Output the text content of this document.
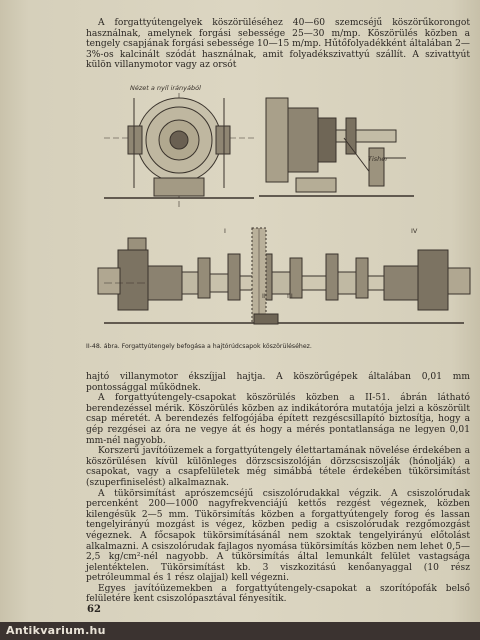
A forgattyútengelyek köszörüléséhez 40—60 szemcséjű köszörűkorongot használnak, amelynek forgási sebessége 25—30 m/mp. Köszörülés közben a tengely csapjának forgási sebessége 10—15 m/mp. Hűtőfolyadékként általában 2—3%-os kalcinált szódát használnak, amit folyadékszivattyú szállít. A szivattyút külön villanymotor vagy az orsót

Nézet a nyíl irányából
Tisher
I	IV
II	III
II-48. ábra. Forgattyútengely befogása a hajtórúdcsapok köszörüléséhez.

hajtó villanymotor ékszíjjal hajtja. A köszörűgépek általában 0,01 mm pontossággal működnek.

A forgattyútengely-csapokat köszörülés közben a II-51. ábrán látható berendezéssel mérik. Köszörülés közben az indikátoróra mutatója jelzi a köszörült csap méretét. A berendezés felfogójába épített rezgéscsillapító biztosítja, hogy a gép rezgései az óra ne vegye át és hogy a mérés pontatlansága ne legyen 0,01 mm-nél nagyobb.

Korszerű javítóüzemek a forgattyútengely élettartamának növelése érdekében a köszörülésen kívül különleges dörzscsiszolóján dörzscsiszolják (hónolják) a csapokat, vagy a csapfelületek még simábbá tétele érdekében tükörsimítást (szuperfiniselést) alkalmaznak.

A tükörsimítást aprószemcséjű csiszolórudakkal végzik. A csiszolórudak percenként 200—1000 nagyfrekvenciájú kettős rezgést végeznek, közben kilengésük 2—5 mm. Tükörsimítás közben a forgattyútengely forog és lassan tengelyirányú mozgást is végez, közben pedig a csiszolórudak rezgőmozgást végeznek. A főcsapok tükörsimításánál nem szoktak tengelyirányú előtolást alkalmazni. A csiszolórudak fajlagos nyomása tükörsimítás közben nem lehet 0,5—2,5 kg/cm²-nél nagyobb. A tükörsimítás által lemunkált felület vastagsága jelentéktelen. Tükörsimítást kb. 3 viszkozitású kenőanyaggal (10 rész petróleummal és 1 rész olajjal) kell végezni.

Egyes javítóüzemekben a forgattyútengely-csapokat a szorítópofák belső felületére kent csiszolópasztával fényesítik.

62
Antikvarium.hu
